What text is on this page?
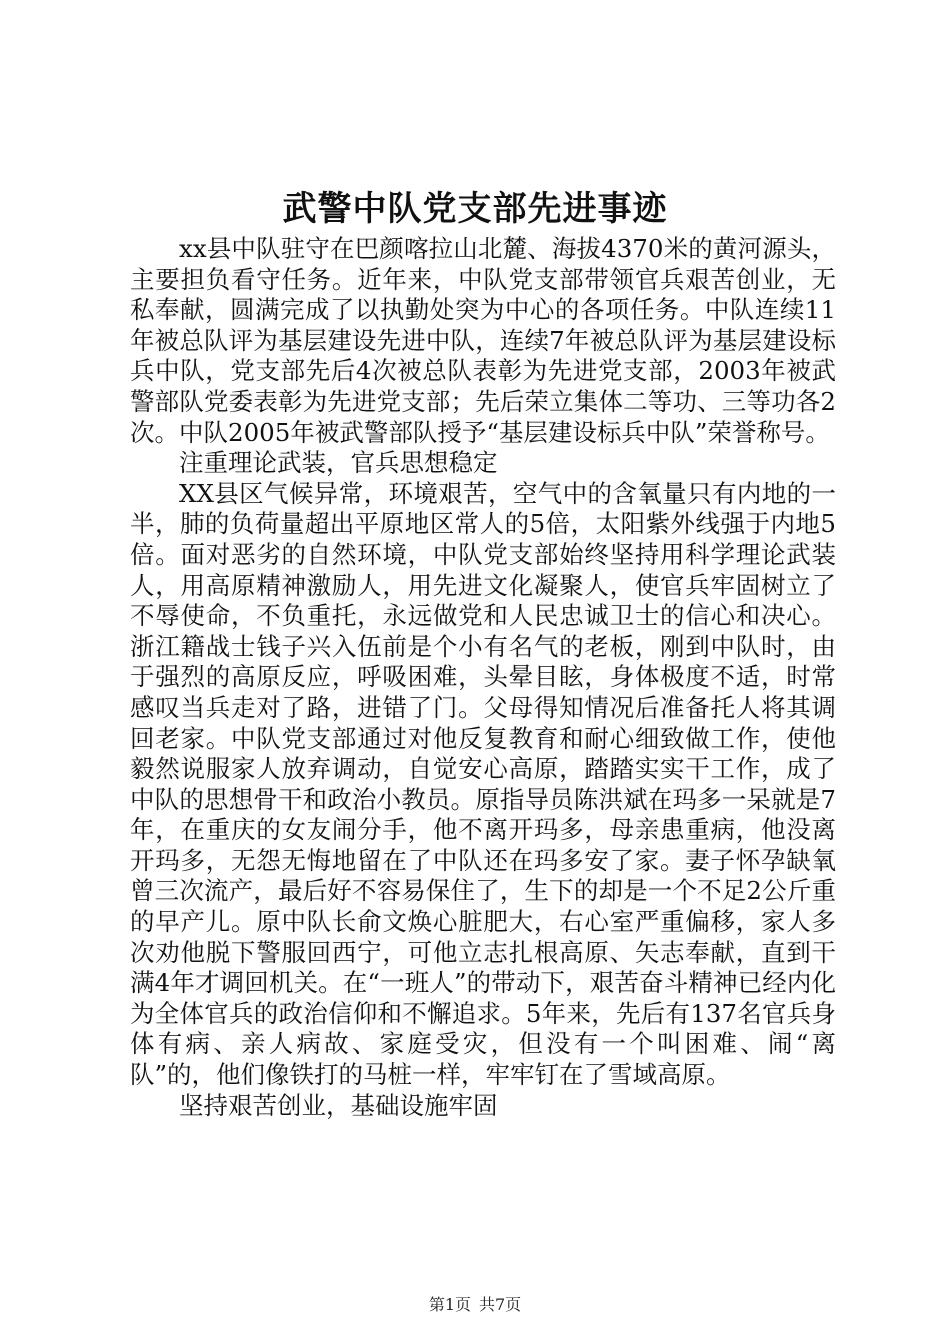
武警中队党支部先进事迹

xx县中队驻守在巴颜喀拉山北麓、海拔4370米的黄河源头，主要担负看守任务。近年来，中队党支部带领官兵艰苦创业，无私奉献，圆满完成了以执勤处突为中心的各项任务。中队连续11年被总队评为基层建设先进中队，连续7年被总队评为基层建设标兵中队，党支部先后4次被总队表彰为先进党支部，2003年被武警部队党委表彰为先进党支部；先后荣立集体二等功、三等功各2次。中队2005年被武警部队授予“基层建设标兵中队”荣誉称号。

注重理论武装，官兵思想稳定

XX县区气候异常，环境艰苦，空气中的含氧量只有内地的一半，肺的负荷量超出平原地区常人的5倍，太阳紫外线强于内地5倍。面对恶劣的自然环境，中队党支部始终坚持用科学理论武装人，用高原精神激励人，用先进文化凝聚人，使官兵牢固树立了不辱使命，不负重托，永远做党和人民忠诚卫士的信心和决心。浙江籍战士钱子兴入伍前是个小有名气的老板，刚到中队时，由于强烈的高原反应，呼吸困难，头晕目眩，身体极度不适，时常感叹当兵走对了路，进错了门。父母得知情况后准备托人将其调回老家。中队党支部通过对他反复教育和耐心细致做工作，使他毅然说服家人放弃调动，自觉安心高原，踏踏实实干工作，成了中队的思想骨干和政治小教员。原指导员陈洪斌在玛多一呆就是7年，在重庆的女友闹分手，他不离开玛多，母亲患重病，他没离开玛多，无怨无悔地留在了中队还在玛多安了家。妻子怀孕缺氧曾三次流产，最后好不容易保住了，生下的却是一个不足2公斤重的早产儿。原中队长俞文焕心脏肥大，右心室严重偏移，家人多次劝他脱下警服回西宁，可他立志扎根高原、矢志奉献，直到干满4年才调回机关。在“一班人”的带动下，艰苦奋斗精神已经内化为全体官兵的政治信仰和不懈追求。5年来，先后有137名官兵身体有病、亲人病故、家庭受灾，但没有一个叫困难、闹“离队”的，他们像铁打的马桩一样，牢牢钉在了雪域高原。

坚持艰苦创业，基础设施牢固

第1页 共7页
